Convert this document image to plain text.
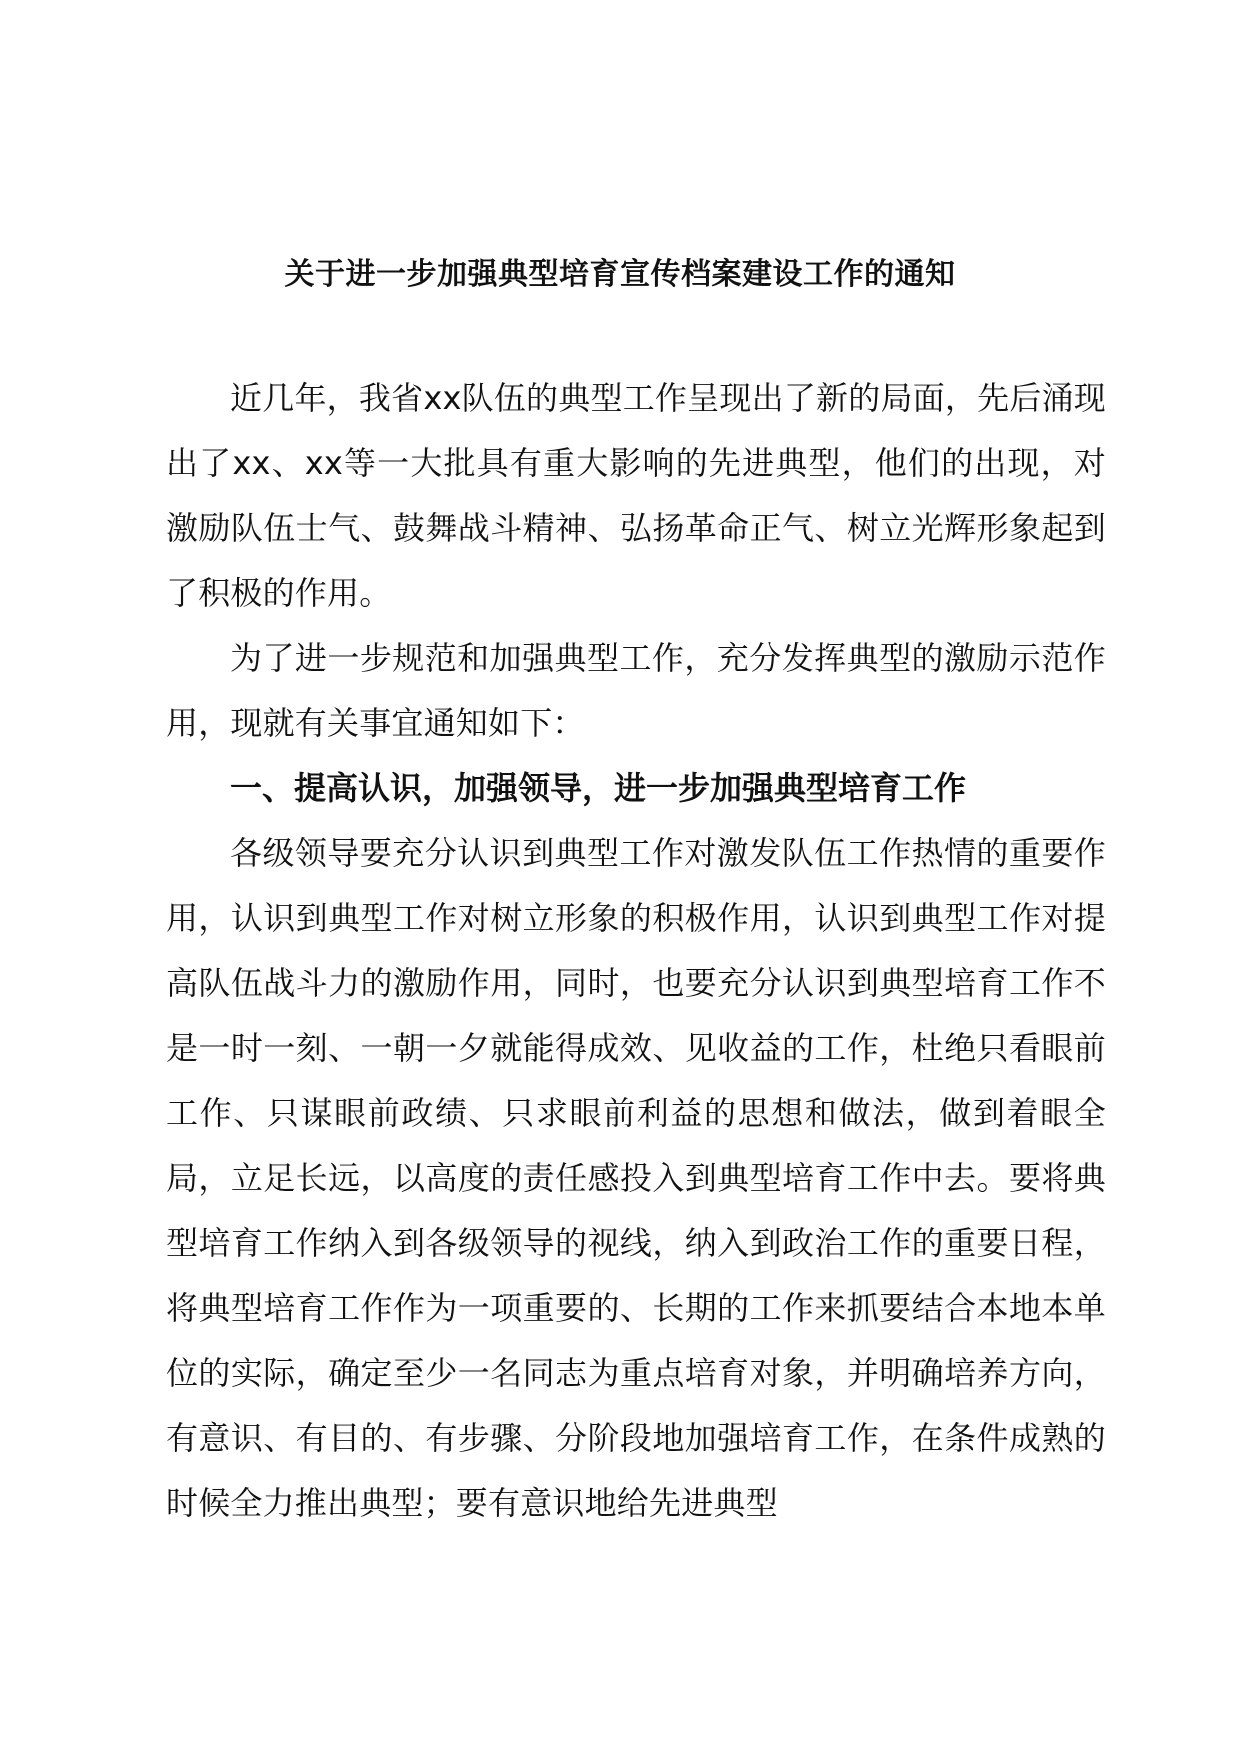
关于进一步加强典型培育宣传档案建设工作的通知

近几年，我省xx队伍的典型工作呈现出了新的局面，先后涌现出了xx、xx等一大批具有重大影响的先进典型，他们的出现，对激励队伍士气、鼓舞战斗精神、弘扬革命正气、树立光辉形象起到了积极的作用。

为了进一步规范和加强典型工作，充分发挥典型的激励示范作用，现就有关事宜通知如下：

一、提高认识，加强领导，进一步加强典型培育工作

各级领导要充分认识到典型工作对激发队伍工作热情的重要作用，认识到典型工作对树立形象的积极作用，认识到典型工作对提高队伍战斗力的激励作用，同时，也要充分认识到典型培育工作不是一时一刻、一朝一夕就能得成效、见收益的工作，杜绝只看眼前工作、只谋眼前政绩、只求眼前利益的思想和做法，做到着眼全局，立足长远，以高度的责任感投入到典型培育工作中去。要将典型培育工作纳入到各级领导的视线，纳入到政治工作的重要日程，将典型培育工作作为一项重要的、长期的工作来抓要结合本地本单位的实际，确定至少一名同志为重点培育对象，并明确培养方向，有意识、有目的、有步骤、分阶段地加强培育工作，在条件成熟的时候全力推出典型；要有意识地给先进典型
